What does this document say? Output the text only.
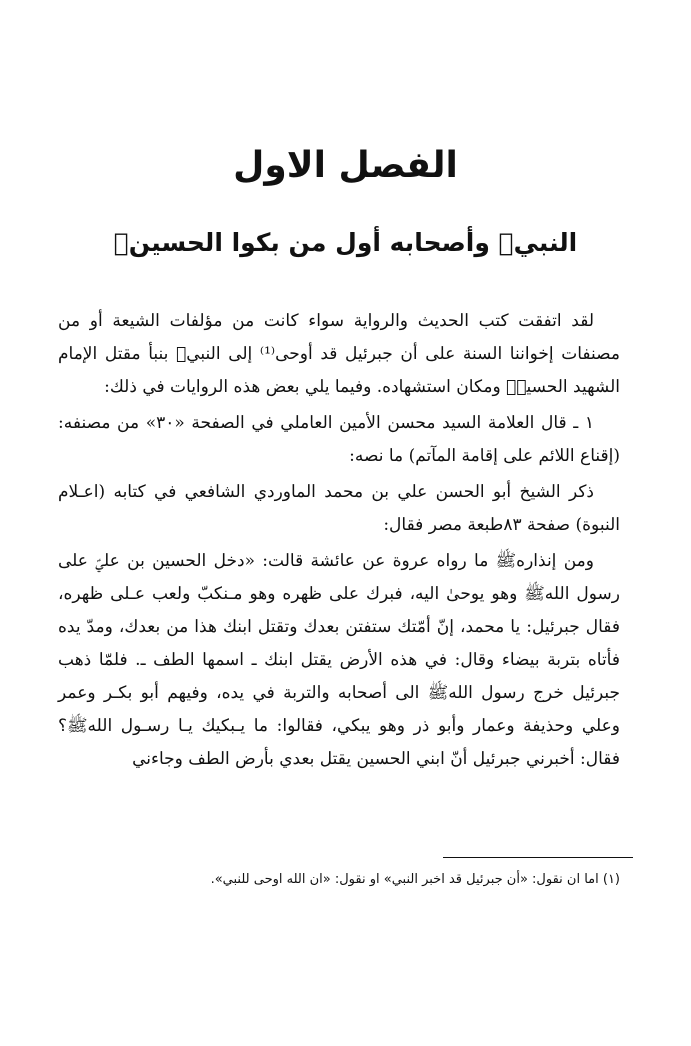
الفصل الاول
النبيﷺ وأصحابه أول من بكوا الحسينؑ

لقد اتفقت كتب الحديث والرواية سواء كانت من مؤلفات الشيعة أو من مصنفات إخواننا السنة على أن جبرئيل قد أوحى⁽¹⁾ إلى النبيﷺ بنبأ مقتل الإمام الشهيد الحسينؑ ومكان استشهاده. وفيما يلي بعض هذه الروايات في ذلك:

١ ـ قال العلامة السيد محسن الأمين العاملي في الصفحة «٣٠» من مصنفه: (إقناع اللائم على إقامة المآتم) ما نصه:

ذكر الشيخ أبو الحسن علي بن محمد الماوردي الشافعي في كتابه (اعـلام النبوة) صفحة ٨٣طبعة مصر فقال:

ومن إنذارهﷺ ما رواه عروة عن عائشة قالت: «دخل الحسين بن عليؑ على رسول اللهﷺ وهو يوحىٰ اليه، فبرك على ظهره وهو مـنكبّ ولعب عـلى ظهره، فقال جبرئيل: يا محمد، إنّ أمّتك ستفتن بعدك وتقتل ابنك هذا من بعدك، ومدّ يده فأتاه بتربة بيضاء وقال: في هذه الأرض يقتل ابنك ـ اسمها الطف ـ. فلمّا ذهب جبرئيل خرج رسول اللهﷺ الى أصحابه والتربة في يده، وفيهم أبو بكـر وعمر وعلي وحذيفة وعمار وأبو ذر وهو يبكي، فقالوا: ما يـبكيك يـا رسـول اللهﷺ؟ فقال: أخبرني جبرئيل أنّ ابني الحسين يقتل بعدي بأرض الطف وجاءني

(١) اما ان نقول: «أن جبرئيل قد اخبر النبي» او نقول: «ان الله اوحى للنبي».
